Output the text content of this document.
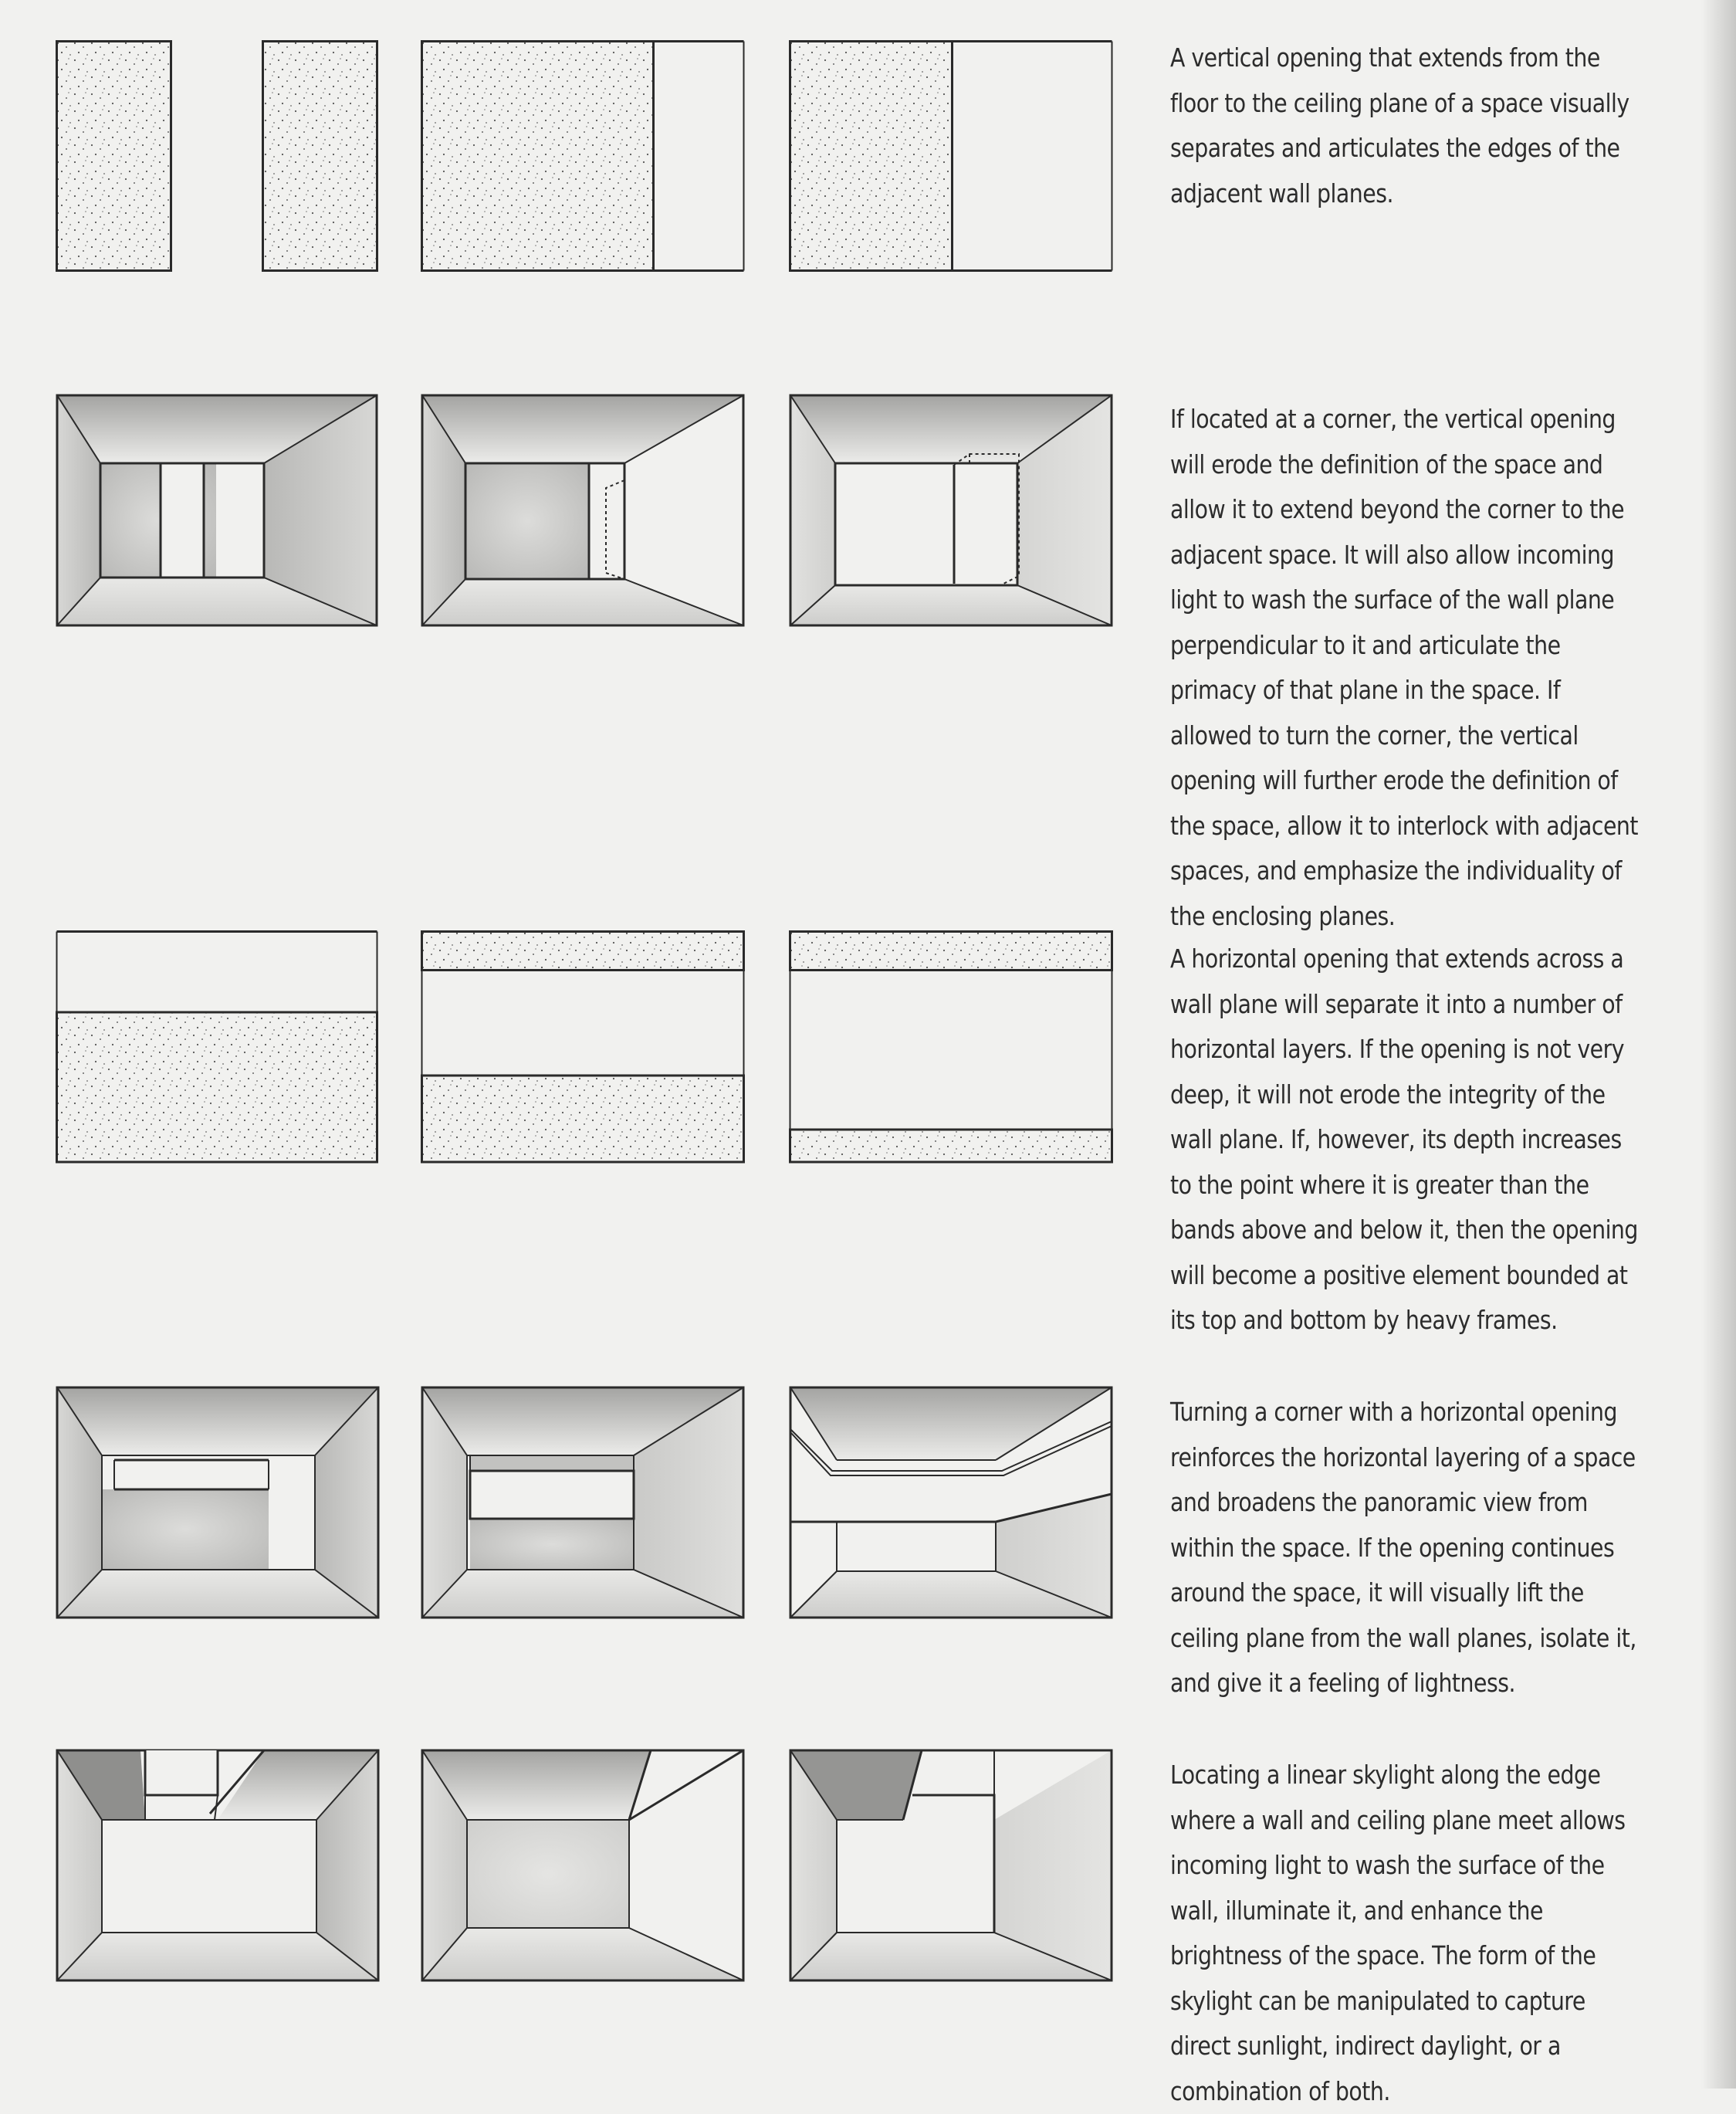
A vertical opening that extends from the floor to the ceiling plane of a space visually separates and articulates the edges of the adjacent wall planes.

If located at a corner, the vertical opening will erode the definition of the space and allow it to extend beyond the corner to the adjacent space. It will also allow incoming light to wash the surface of the wall plane perpendicular to it and articulate the primacy of that plane in the space. If allowed to turn the corner, the vertical opening will further erode the definition of the space, allow it to interlock with adjacent spaces, and emphasize the individuality of the enclosing planes.

A horizontal opening that extends across a wall plane will separate it into a number of horizontal layers. If the opening is not very deep, it will not erode the integrity of the wall plane. If, however, its depth increases to the point where it is greater than the bands above and below it, then the opening will become a positive element bounded at its top and bottom by heavy frames.

Turning a corner with a horizontal opening reinforces the horizontal layering of a space and broadens the panoramic view from within the space. If the opening continues around the space, it will visually lift the ceiling plane from the wall planes, isolate it, and give it a feeling of lightness.

Locating a linear skylight along the edge where a wall and ceiling plane meet allows incoming light to wash the surface of the wall, illuminate it, and enhance the brightness of the space. The form of the skylight can be manipulated to capture direct sunlight, indirect daylight, or a combination of both.
